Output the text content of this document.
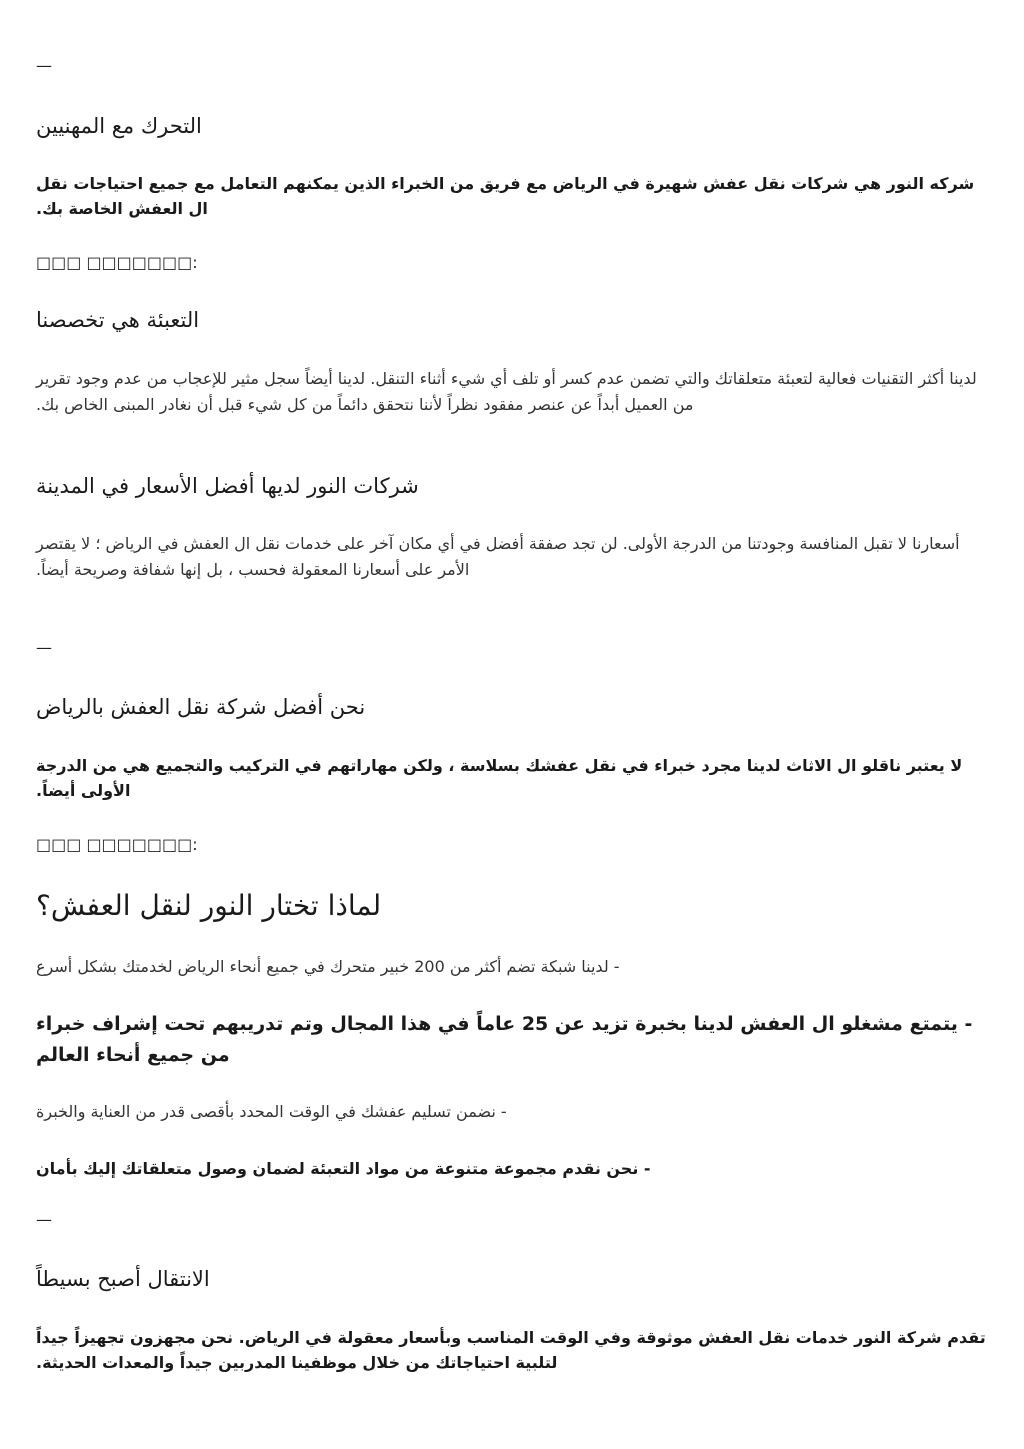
—
التحرك مع المهنيين

شركه النور هي شركات نقل عفش شهيرة في الرياض مع فريق من الخبراء الذين يمكنهم التعامل مع جميع احتياجات نقل ال العفش الخاصة بك.

□□□ □□□□□□□:
التعبئة هي تخصصنا

لدينا أكثر التقنيات فعالية لتعبئة متعلقاتك والتي تضمن عدم كسر أو تلف أي شيء أثناء التنقل. لدينا أيضاً سجل مثير للإعجاب من عدم وجود تقرير من العميل أبداً عن عنصر مفقود نظراً لأننا نتحقق دائماً من كل شيء قبل أن نغادر المبنى الخاص بك.

شركات النور لديها أفضل الأسعار في المدينة

أسعارنا لا تقبل المنافسة وجودتنا من الدرجة الأولى. لن تجد صفقة أفضل في أي مكان آخر على خدمات نقل ال العفش في الرياض ؛ لا يقتصر الأمر على أسعارنا المعقولة فحسب ، بل إنها شفافة وصريحة أيضاً.

—
نحن أفضل شركة نقل العفش بالرياض

لا يعتبر ناقلو ال الاثاث لدينا مجرد خبراء في نقل عفشك بسلاسة ، ولكن مهاراتهم في التركيب والتجميع هي من الدرجة الأولى أيضاً.

□□□ □□□□□□□:
لماذا تختار النور لنقل العفش؟

- لدينا شبكة تضم أكثر من 200 خبير متحرك في جميع أنحاء الرياض لخدمتك بشكل أسرع

- يتمتع مشغلو ال العفش لدينا بخبرة تزيد عن 25 عاماً في هذا المجال وتم تدريبهم تحت إشراف خبراء من جميع أنحاء العالم

- نضمن تسليم عفشك في الوقت المحدد بأقصى قدر من العناية والخبرة

- نحن نقدم مجموعة متنوعة من مواد التعبئة لضمان وصول متعلقاتك إليك بأمان

—
الانتقال أصبح بسيطاً

تقدم شركة النور خدمات نقل العفش موثوقة وفي الوقت المناسب وبأسعار معقولة في الرياض. نحن مجهزون تجهيزاً جيداً لتلبية احتياجاتك من خلال موظفينا المدربين جيداً والمعدات الحديثة.
